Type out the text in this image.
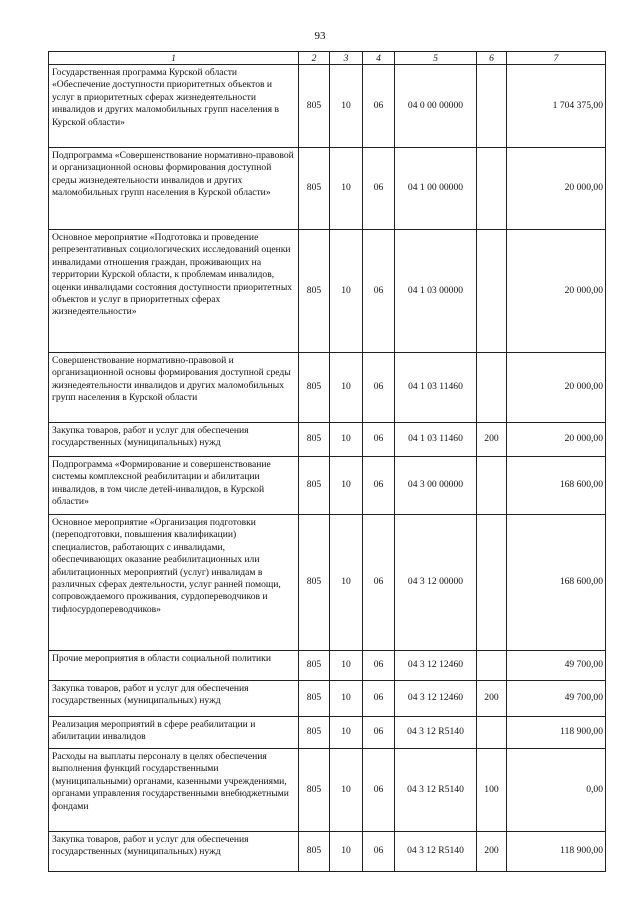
93
1	2	3	4	5	6	7
Государственная программа Курской области «Обеспечение доступности приоритетных объектов и услуг в приоритетных сферах жизнедеятельности инвалидов и других маломобильных групп населения в Курской области»	805	10	06	04 0 00 00000		1 704 375,00
Подпрограмма «Совершенствование нормативно-правовой и организационной основы формирования доступной среды жизнедеятельности инвалидов и других маломобильных групп населения в Курской области»	805	10	06	04 1 00 00000		20 000,00
Основное мероприятие «Подготовка и проведение репрезентативных социологических исследований оценки инвалидами отношения граждан, проживающих на территории Курской области, к проблемам инвалидов, оценки инвалидами состояния доступности приоритетных объектов и услуг в приоритетных сферах жизнедеятельности»	805	10	06	04 1 03 00000		20 000,00
Совершенствование нормативно-правовой и организационной основы формирования доступной среды жизнедеятельности инвалидов и других маломобильных групп населения в Курской области	805	10	06	04 1 03 11460		20 000,00
Закупка товаров, работ и услуг для обеспечения государственных (муниципальных) нужд	805	10	06	04 1 03 11460	200	20 000,00
Подпрограмма «Формирование и совершенствование системы комплексной реабилитации и абилитации инвалидов, в том числе детей-инвалидов, в Курской области»	805	10	06	04 3 00 00000		168 600,00
Основное мероприятие «Организация подготовки (переподготовки, повышения квалификации) специалистов, работающих с инвалидами, обеспечивающих оказание реабилитационных или абилитационных мероприятий (услуг) инвалидам в различных сферах деятельности, услуг ранней помощи, сопровождаемого проживания, сурдопереводчиков и тифлосурдопереводчиков»	805	10	06	04 3 12 00000		168 600,00
Прочие мероприятия в области социальной политики	805	10	06	04 3 12 12460		49 700,00
Закупка товаров, работ и услуг для обеспечения государственных (муниципальных) нужд	805	10	06	04 3 12 12460	200	49 700,00
Реализация мероприятий в сфере реабилитации и абилитации инвалидов	805	10	06	04 3 12 R5140		118 900,00
Расходы на выплаты персоналу в целях обеспечения выполнения функций государственными (муниципальными) органами, казенными учреждениями, органами управления государственными внебюджетными фондами	805	10	06	04 3 12 R5140	100	0,00
Закупка товаров, работ и услуг для обеспечения государственных (муниципальных) нужд	805	10	06	04 3 12 R5140	200	118 900,00
